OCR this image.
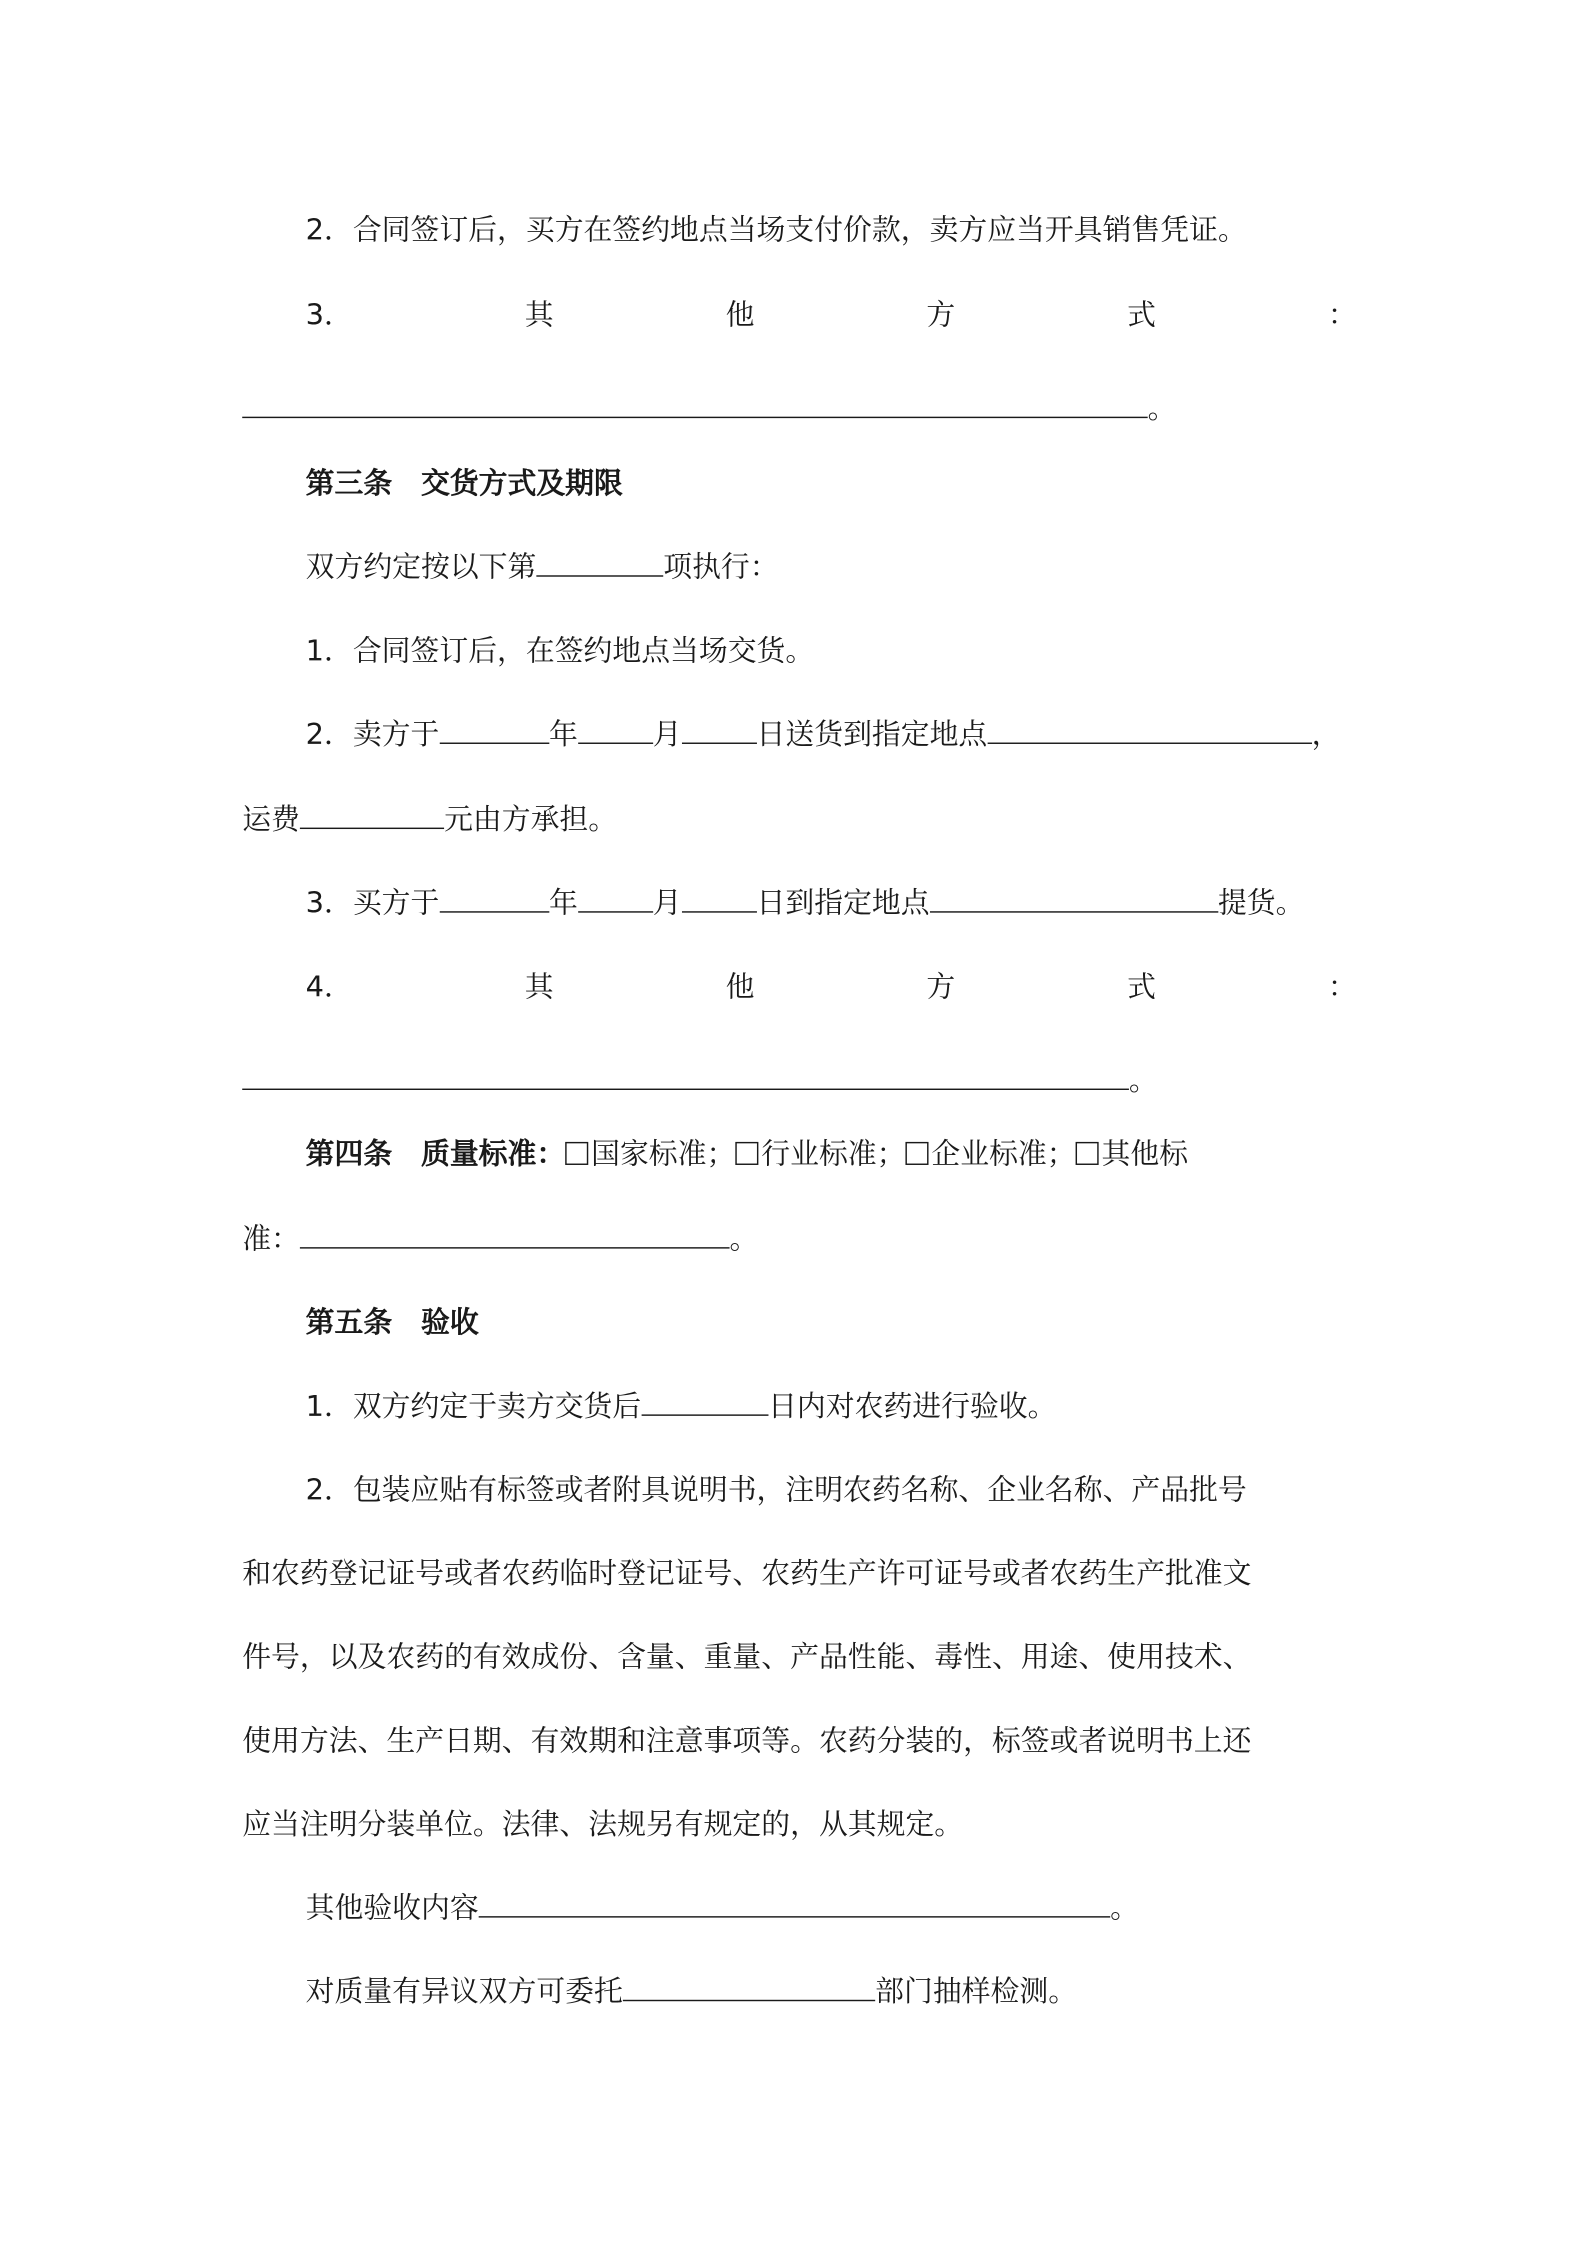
2．合同签订后，买方在签约地点当场支付价款，卖方应当开具销售凭证。
3．	其	他	方	式	：
。
第三条 交货方式及期限
双方约定按以下第	项执行：
1．合同签订后，在签约地点当场交货。
2．卖方于	年	月	日送货到指定地点	，
运费	元由方承担。
3．买方于	年	月	日到指定地点	提货。
4．	其	他	方	式	：
。
第四条 质量标准： 国家标准； 行业标准； 企业标准； 其他标
准：	。
第五条 验收
1．双方约定于卖方交货后	日内对农药进行验收。
2．包装应贴有标签或者附具说明书，注明农药名称、企业名称、产品批号
和农药登记证号或者农药临时登记证号、农药生产许可证号或者农药生产批准文
件号，以及农药的有效成份、含量、重量、产品性能、毒性、用途、使用技术、
使用方法、生产日期、有效期和注意事项等。农药分装的，标签或者说明书上还
应当注明分装单位。法律、法规另有规定的，从其规定。
其他验收内容	。
对质量有异议双方可委托	部门抽样检测。
